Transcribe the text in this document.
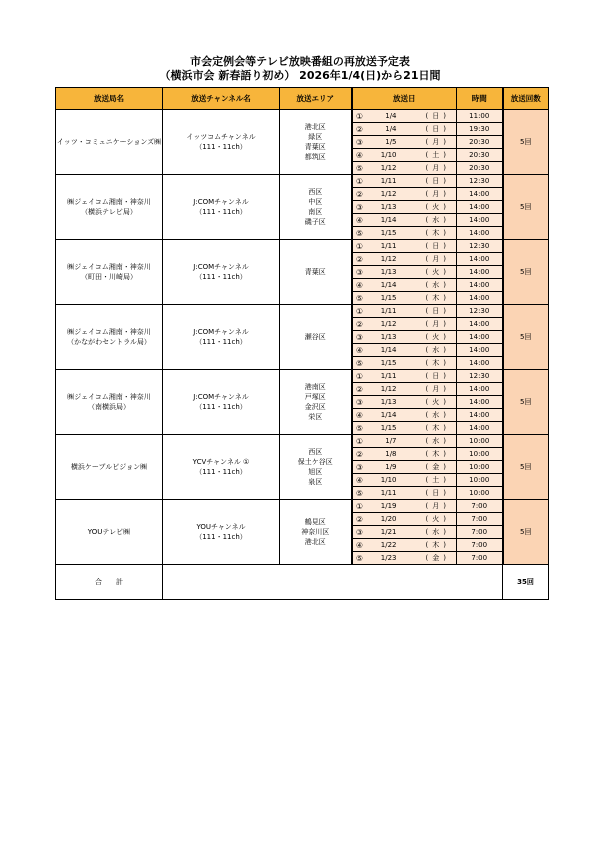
市会定例会等テレビ放映番組の再放送予定表
（横浜市会 新春語り初め） 2026年1/4(日)から21日間
放送局名	放送チャンネル名	放送エリア	放送日	時間	放送回数

イッツ・コミュニケーションズ㈱	イッツコムチャンネル
（111・11ch）	港北区
緑区
青葉区
都筑区	① 1/4 ( 日 )	11:00	5回

			② 1/4 ( 日 )	19:30	

			③ 1/5 ( 月 )	20:30	

			④ 1/10 ( 土 )	20:30	

			⑤ 1/12 ( 月 )	20:30	

㈱ジェイコム湘南・神奈川
（横浜テレビ局）	J:COMチャンネル
（111・11ch）	西区
中区
南区
磯子区	① 1/11 ( 日 )	12:30	5回

			② 1/12 ( 月 )	14:00	

			③ 1/13 ( 火 )	14:00	

			④ 1/14 ( 水 )	14:00	

			⑤ 1/15 ( 木 )	14:00	

㈱ジェイコム湘南・神奈川
（町田・川崎局）	J:COMチャンネル
（111・11ch）	青葉区	① 1/11 ( 日 )	12:30	5回

			② 1/12 ( 月 )	14:00	

			③ 1/13 ( 火 )	14:00	

			④ 1/14 ( 水 )	14:00	

			⑤ 1/15 ( 木 )	14:00	

㈱ジェイコム湘南・神奈川
（かながわセントラル局）	J:COMチャンネル
（111・11ch）	瀬谷区	① 1/11 ( 日 )	12:30	5回

			② 1/12 ( 月 )	14:00	

			③ 1/13 ( 火 )	14:00	

			④ 1/14 ( 水 )	14:00	

			⑤ 1/15 ( 木 )	14:00	

㈱ジェイコム湘南・神奈川
（南横浜局）	J:COMチャンネル
（111・11ch）	港南区
戸塚区
金沢区
栄区	① 1/11 ( 日 )	12:30	5回

			② 1/12 ( 月 )	14:00	

			③ 1/13 ( 火 )	14:00	

			④ 1/14 ( 水 )	14:00	

			⑤ 1/15 ( 木 )	14:00	

横浜ケーブルビジョン㈱	YCVチャンネル ①
（111・11ch）	西区
保土ケ谷区
旭区
泉区	① 1/7 ( 水 )	10:00	5回

			② 1/8 ( 木 )	10:00	

			③ 1/9 ( 金 )	10:00	

			④ 1/10 ( 土 )	10:00	

			⑤ 1/11 ( 日 )	10:00	

YOUテレビ㈱	YOUチャンネル
（111・11ch）	鶴見区
神奈川区
港北区	① 1/19 ( 月 )	7:00	5回

			② 1/20 ( 火 )	7:00	

			③ 1/21 ( 水 )	7:00	

			④ 1/22 ( 木 )	7:00	

			⑤ 1/23 ( 金 )	7:00	
合　　計					35回
